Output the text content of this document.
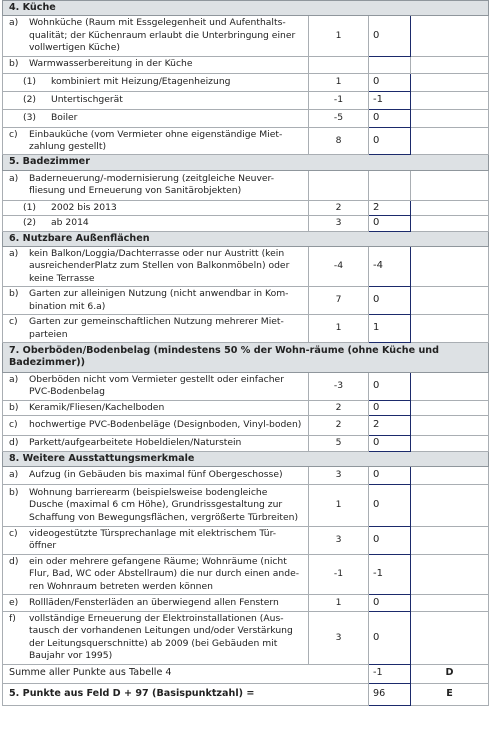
4. Küche			

a) Wohnküche (Raum mit Essgelegenheit und Aufenthalts-qualität; der Küchenraum erlaubt die Unterbringung einer vollwertigen Küche)	1	0	

b) Warmwasserbereitung in der Küche			

(1) kombiniert mit Heizung/Etagenheizung	1	0	

(2) Untertischgerät	-1	-1	

(3) Boiler	-5	0	

c) Einbauküche (vom Vermieter ohne eigenständige Miet-zahlung gestellt)	8	0	
5. Badezimmer			

a) Baderneuerung/-modernisierung (zeitgleiche Neuver-fliesung und Erneuerung von Sanitärobjekten)			

(1) 2002 bis 2013	2	2	

(2) ab 2014	3	0	
6. Nutzbare Außenflächen			

a) kein Balkon/Loggia/Dachterrasse oder nur Austritt (kein ausreichenderPlatz zum Stellen von Balkonmöbeln) oder keine Terrasse	-4	-4	

b) Garten zur alleinigen Nutzung (nicht anwendbar in Kom-bination mit 6.a)	7	0	

c) Garten zur gemeinschaftlichen Nutzung mehrerer Miet-parteien	1	1	
7. Oberböden/Bodenbelag (mindestens 50 % der Wohn-räume (ohne Küche und Badezimmer))			

a) Oberböden nicht vom Vermieter gestellt oder einfacher PVC-Bodenbelag	-3	0	

b) Keramik/Fliesen/Kachelboden	2	0	

c) hochwertige PVC-Bodenbeläge (Designboden, Vinyl-boden)	2	2	

d) Parkett/aufgearbeitete Hobeldielen/Naturstein	5	0	
8. Weitere Ausstattungsmerkmale			

a) Aufzug (in Gebäuden bis maximal fünf Obergeschosse)	3	0	

b) Wohnung barrierearm (beispielsweise bodengleiche Dusche (maximal 6 cm Höhe), Grundrissgestaltung zur Schaffung von Bewegungsflächen, vergrößerte Türbreiten)	1	0	

c) videogestützte Türsprechanlage mit elektrischem Tür-öffner	3	0	

d) ein oder mehrere gefangene Räume; Wohnräume (nicht Flur, Bad, WC oder Abstellraum) die nur durch einen ande-ren Wohnraum betreten werden können	-1	-1	

e) Rollläden/Fensterläden an überwiegend allen Fenstern	1	0	

f) vollständige Erneuerung der Elektroinstallationen (Aus-tausch der vorhandenen Leitungen und/oder Verstärkung der Leitungsquerschnitte) ab 2009 (bei Gebäuden mit Baujahr vor 1995)	3	0	
Summe aller Punkte aus Tabelle 4		-1	D
5. Punkte aus Feld D + 97 (Basispunktzahl) =		96	E
